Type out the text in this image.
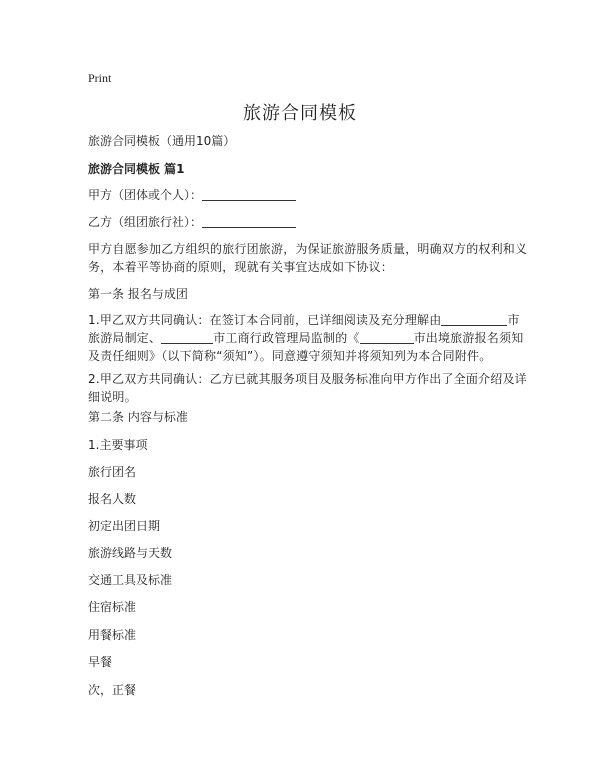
Print
旅游合同模板
旅游合同模板（通用10篇）
旅游合同模板 篇1
甲方（团体或个人）：
乙方（组团旅行社）：
甲方自愿参加乙方组织的旅行团旅游，为保证旅游服务质量，明确双方的权利和义
务，本着平等协商的原则，现就有关事宜达成如下协议：
第一条 报名与成团
1.甲乙双方共同确认：在签订本合同前，已详细阅读及充分理解由	市
旅游局制定、	市工商行政管理局监制的《	市出境旅游报名须知
及责任细则》（以下简称“须知”）。同意遵守须知并将须知列为本合同附件。
2.甲乙双方共同确认：乙方已就其服务项目及服务标准向甲方作出了全面介绍及详
细说明。
第二条 内容与标准
1.主要事项
旅行团名
报名人数
初定出团日期
旅游线路与天数
交通工具及标准
住宿标准
用餐标准
早餐
次，正餐
